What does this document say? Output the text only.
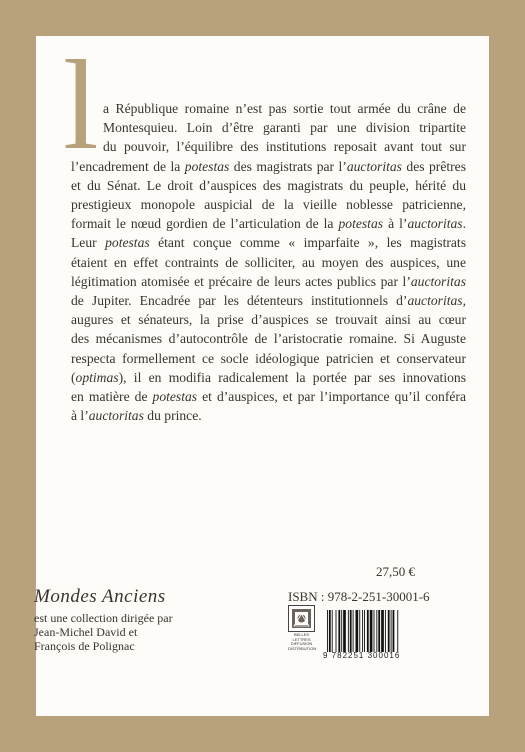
l a République romaine n’est pas sortie tout armée du crâne de
Montesquieu. Loin d’être garanti par une division tripartite
du pouvoir, l’équilibre des institutions reposait avant tout sur
l’encadrement de la potestas des magistrats par l’auctoritas des prêtres
et du Sénat. Le droit d’auspices des magistrats du peuple, hérité du
prestigieux monopole auspicial de la vieille noblesse patricienne,
formait le nœud gordien de l’articulation de la potestas à l’auctoritas.
Leur potestas étant conçue comme « imparfaite », les magistrats
étaient en effet contraints de solliciter, au moyen des auspices, une
légitimation atomisée et précaire de leurs actes publics par l’auctoritas
de Jupiter. Encadrée par les détenteurs institutionnels d’auctoritas,
augures et sénateurs, la prise d’auspices se trouvait ainsi au cœur
des mécanismes d’autocontrôle de l’aristocratie romaine. Si Auguste
respecta formellement ce socle idéologique patricien et conservateur
(optimas), il en modifia radicalement la portée par ses innovations
en matière de potestas et d’auspices, et par l’importance qu’il conféra
à l’auctoritas du prince.
27,50 €
Mondes Anciens
est une collection dirigée par
Jean-Michel David et
François de Polignac
ISBN : 978-2-251-30001-6
BELLES LETTRES DIFFUSION DISTRIBUTION
9 782251 300016
